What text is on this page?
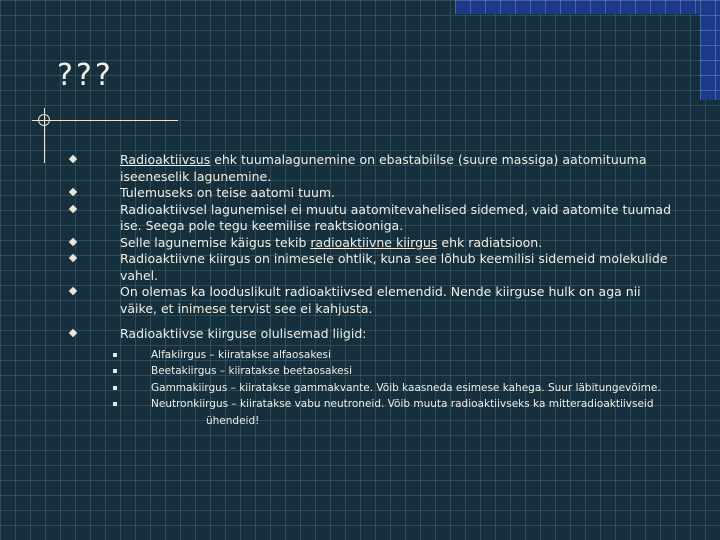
???
Radioaktiivsus ehk tuumalagunemine on ebastabiilse (suure massiga) aatomituuma iseeneselik lagunemine.
Tulemuseks on teise aatomi tuum.
Radioaktiivsel lagunemisel ei muutu aatomitevahelised sidemed, vaid aatomite tuumad ise. Seega pole tegu keemilise reaktsiooniga.
Selle lagunemise käigus tekib radioaktiivne kiirgus ehk radiatsioon.
Radioaktiivne kiirgus on inimesele ohtlik, kuna see lõhub keemilisi sidemeid molekulide vahel.
On olemas ka looduslikult radioaktiivsed elemendid. Nende kiirguse hulk on aga nii väike, et inimese tervist see ei kahjusta.
Radioaktiivse kiirguse olulisemad liigid:
Alfakiirgus – kiiratakse alfaosakesi
Beetakiirgus – kiiratakse beetaosakesi
Gammakiirgus – kiiratakse gammakvante. Võib kaasneda esimese kahega. Suur läbitungevõime.
Neutronkiirgus – kiiratakse vabu neutroneid. Võib muuta radioaktiivseks ka mitteradioaktiivseid
ühendeid!
